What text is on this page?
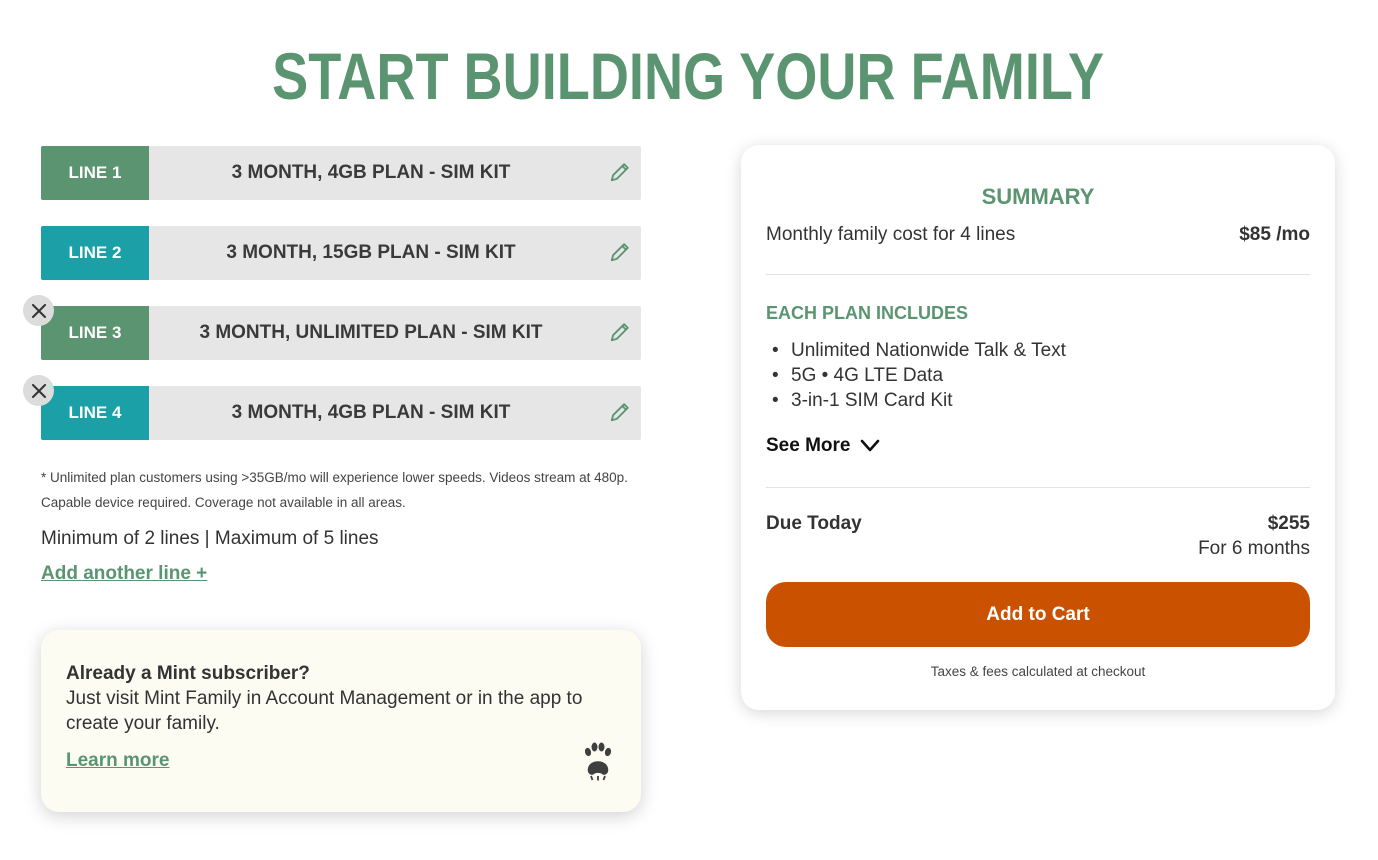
START BUILDING YOUR FAMILY
LINE 1	3 MONTH, 4GB PLAN - SIM KIT
LINE 2	3 MONTH, 15GB PLAN - SIM KIT
LINE 3	3 MONTH, UNLIMITED PLAN - SIM KIT
LINE 4	3 MONTH, 4GB PLAN - SIM KIT
* Unlimited plan customers using >35GB/mo will experience lower speeds. Videos stream at 480p.
Capable device required. Coverage not available in all areas.
Minimum of 2 lines | Maximum of 5 lines
Add another line +
Already a Mint subscriber?
Just visit Mint Family in Account Management or in the app to create your family.
Learn more
SUMMARY
Monthly family cost for 4 lines	$85 /mo
EACH PLAN INCLUDES
• Unlimited Nationwide Talk & Text
• 5G • 4G LTE Data
• 3-in-1 SIM Card Kit
See More
Due Today	$255
For 6 months
Add to Cart
Taxes & fees calculated at checkout
